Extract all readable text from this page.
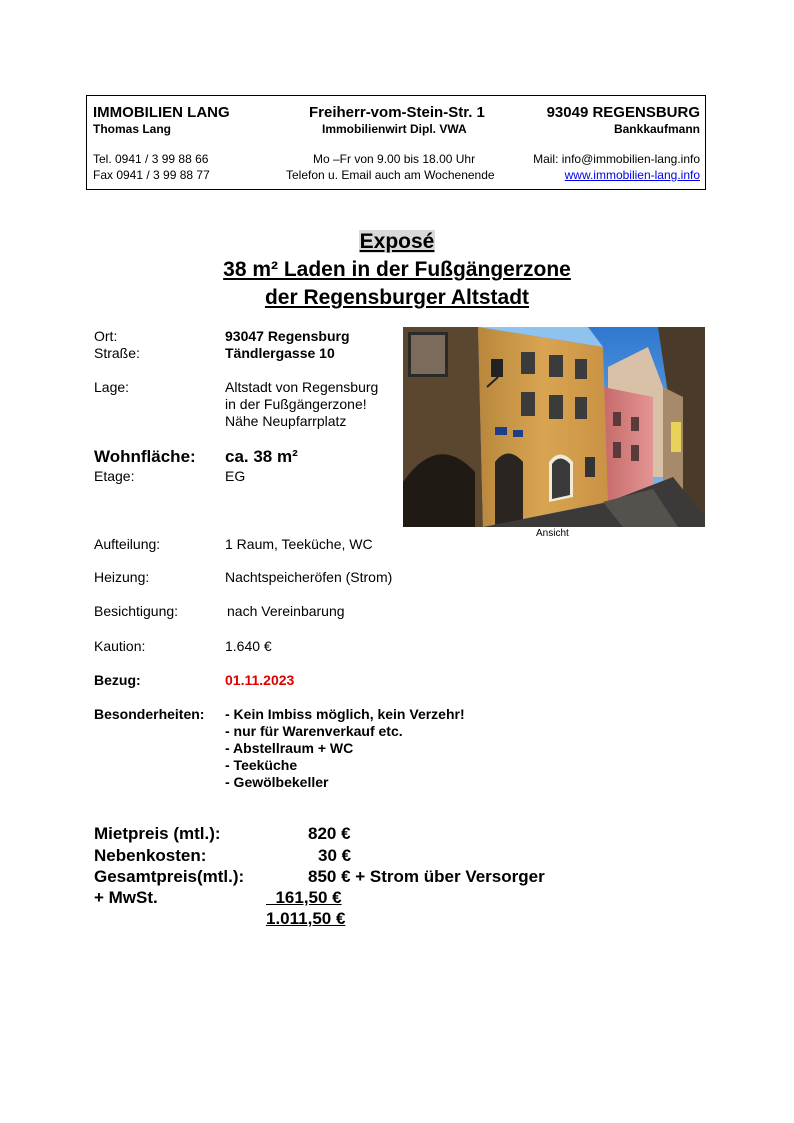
IMMOBILIEN LANG
Thomas Lang
Freiherr-vom-Stein-Str. 1
Immobilienwirt Dipl. VWA
93049 REGENSBURG
Bankkaufmann
Tel. 0941 / 3 99 88 66
Fax 0941 / 3 99 88 77
Mo –Fr von 9.00 bis 18.00 Uhr
Telefon u. Email auch am Wochenende
Mail: info@immobilien-lang.info
www.immobilien-lang.info
Exposé
38 m² Laden in der Fußgängerzone
der Regensburger Altstadt
Ort:	93047 Regensburg
Straße:	Tändlergasse 10
Lage:	Altstadt von Regensburg
in der Fußgängerzone!
Nähe Neupfarrplatz
Wohnfläche: ca. 38 m²
Etage:	EG
Aufteilung:	1 Raum, Teeküche, WC
Heizung:	Nachtspeicheröfen (Strom)
Besichtigung:	nach Vereinbarung
Kaution:	1.640 €
Bezug:	01.11.2023
Besonderheiten: - Kein Imbiss möglich, kein Verzehr!
- nur für Warenverkauf etc.
- Abstellraum + WC
- Teeküche
- Gewölbekeller
Ansicht
Mietpreis (mtl.):	820 €
Nebenkosten:	30 €
Gesamtpreis(mtl.):	850 € + Strom über Versorger
+ MwSt.	161,50 €
1.011,50 €
